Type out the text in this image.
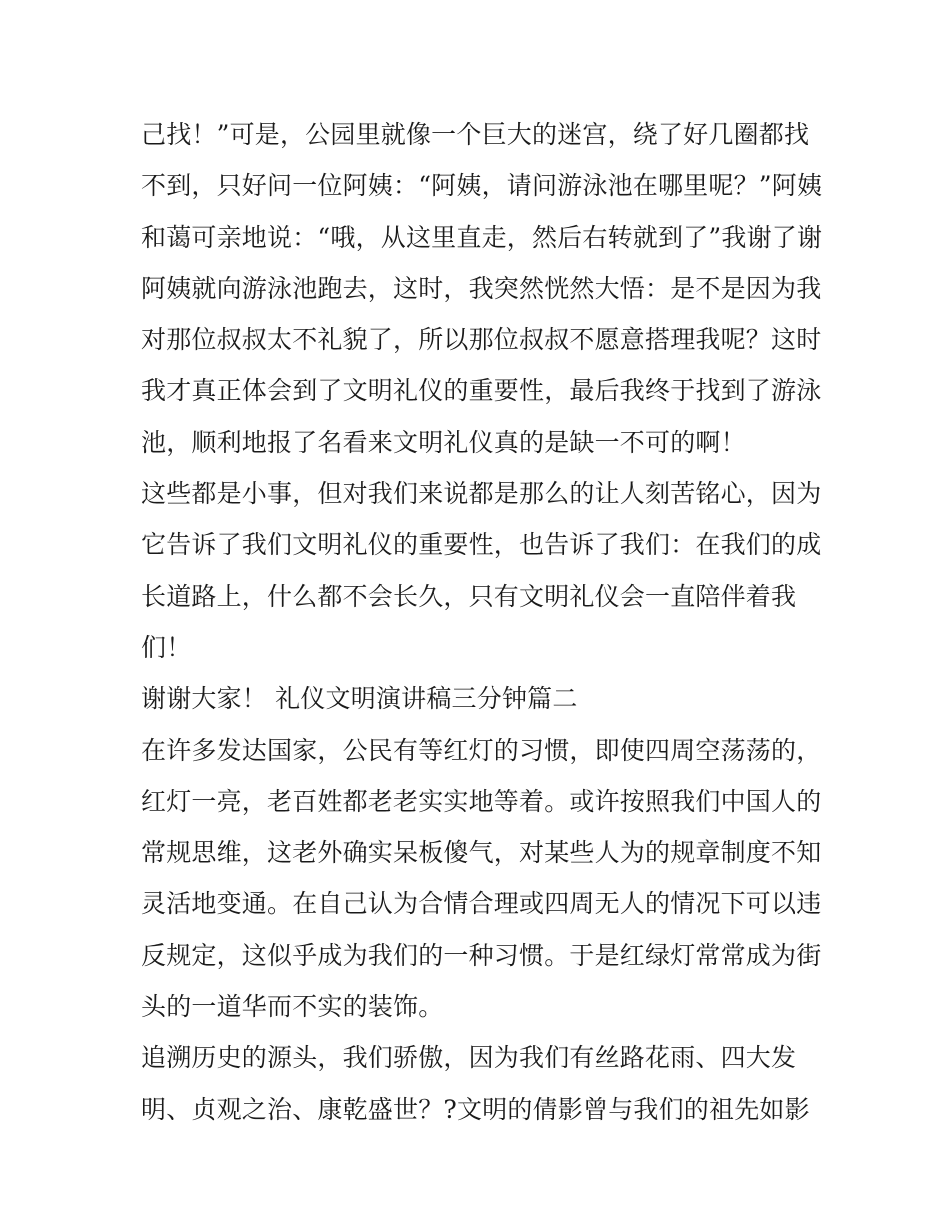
己找！”可是，公园里就像一个巨大的迷宫，绕了好几圈都找
不到，只好问一位阿姨：“阿姨，请问游泳池在哪里呢？”阿姨
和蔼可亲地说：“哦，从这里直走，然后右转就到了”我谢了谢
阿姨就向游泳池跑去，这时，我突然恍然大悟：是不是因为我
对那位叔叔太不礼貌了，所以那位叔叔不愿意搭理我呢？这时
我才真正体会到了文明礼仪的重要性，最后我终于找到了游泳
池，顺利地报了名看来文明礼仪真的是缺一不可的啊！
这些都是小事，但对我们来说都是那么的让人刻苦铭心，因为
它告诉了我们文明礼仪的重要性，也告诉了我们：在我们的成
长道路上，什么都不会长久，只有文明礼仪会一直陪伴着我
们！
谢谢大家！ 礼仪文明演讲稿三分钟篇二
在许多发达国家，公民有等红灯的习惯，即使四周空荡荡的，
红灯一亮，老百姓都老老实实地等着。或许按照我们中国人的
常规思维，这老外确实呆板傻气，对某些人为的规章制度不知
灵活地变通。在自己认为合情合理或四周无人的情况下可以违
反规定，这似乎成为我们的一种习惯。于是红绿灯常常成为街
头的一道华而不实的装饰。
追溯历史的源头，我们骄傲，因为我们有丝路花雨、四大发
明、贞观之治、康乾盛世？?文明的倩影曾与我们的祖先如影
